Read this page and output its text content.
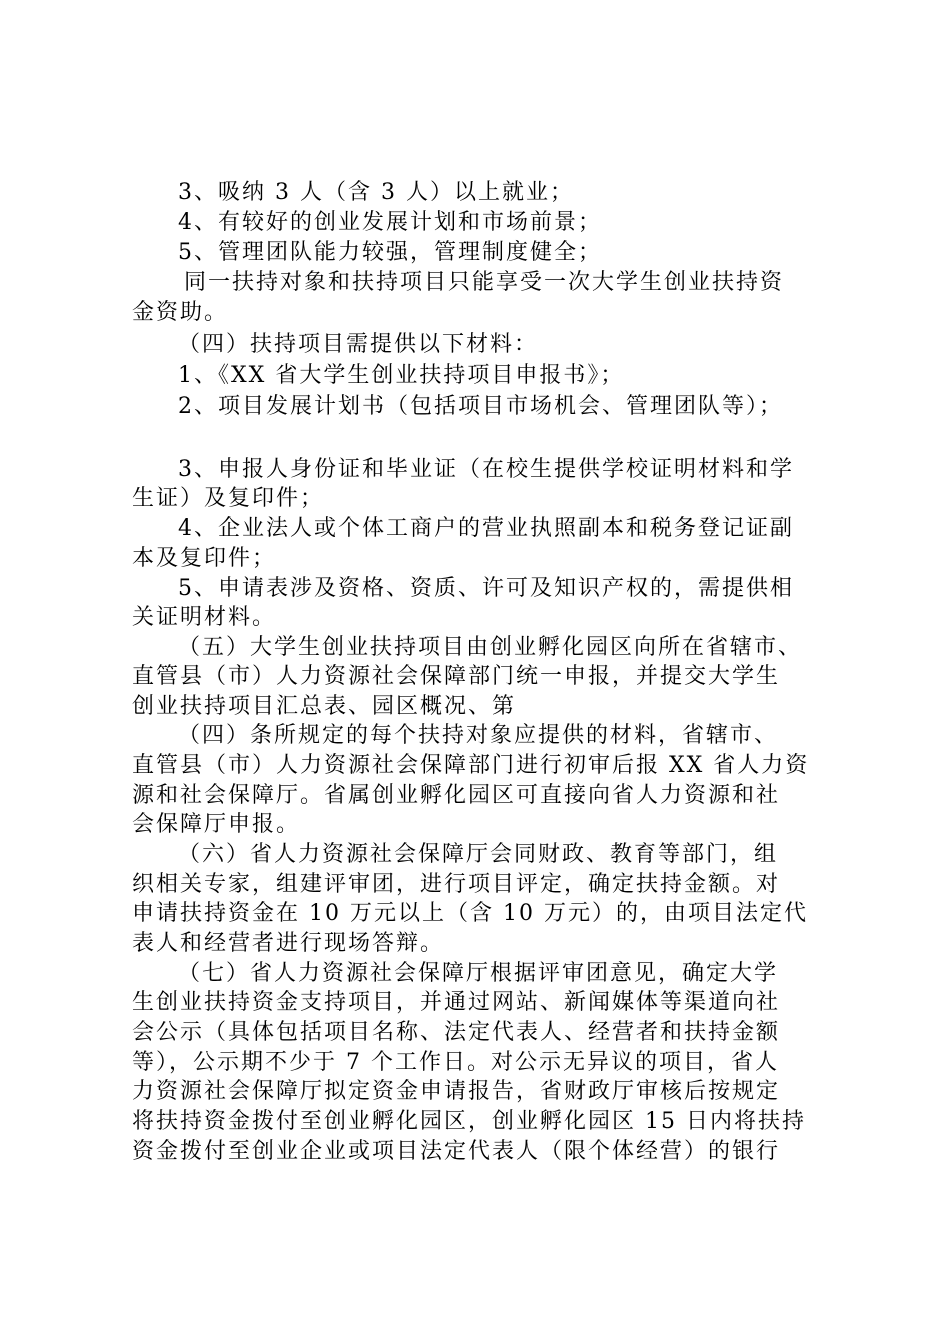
3、吸纳 3 人（含 3 人）以上就业；
4、有较好的创业发展计划和市场前景；
5、管理团队能力较强，管理制度健全；
同一扶持对象和扶持项目只能享受一次大学生创业扶持资
金资助。
（四）扶持项目需提供以下材料：
1、《XX 省大学生创业扶持项目申报书》；
2、项目发展计划书（包括项目市场机会、管理团队等）；
3、申报人身份证和毕业证（在校生提供学校证明材料和学
生证）及复印件；
4、企业法人或个体工商户的营业执照副本和税务登记证副
本及复印件；
5、申请表涉及资格、资质、许可及知识产权的，需提供相
关证明材料。
（五）大学生创业扶持项目由创业孵化园区向所在省辖市、
直管县（市）人力资源社会保障部门统一申报，并提交大学生
创业扶持项目汇总表、园区概况、第
（四）条所规定的每个扶持对象应提供的材料，省辖市、
直管县（市）人力资源社会保障部门进行初审后报 XX 省人力资
源和社会保障厅。省属创业孵化园区可直接向省人力资源和社
会保障厅申报。
（六）省人力资源社会保障厅会同财政、教育等部门，组
织相关专家，组建评审团，进行项目评定，确定扶持金额。对
申请扶持资金在 10 万元以上（含 10 万元）的，由项目法定代
表人和经营者进行现场答辩。
（七）省人力资源社会保障厅根据评审团意见，确定大学
生创业扶持资金支持项目，并通过网站、新闻媒体等渠道向社
会公示（具体包括项目名称、法定代表人、经营者和扶持金额
等），公示期不少于 7 个工作日。对公示无异议的项目，省人
力资源社会保障厅拟定资金申请报告，省财政厅审核后按规定
将扶持资金拨付至创业孵化园区，创业孵化园区 15 日内将扶持
资金拨付至创业企业或项目法定代表人（限个体经营）的银行
